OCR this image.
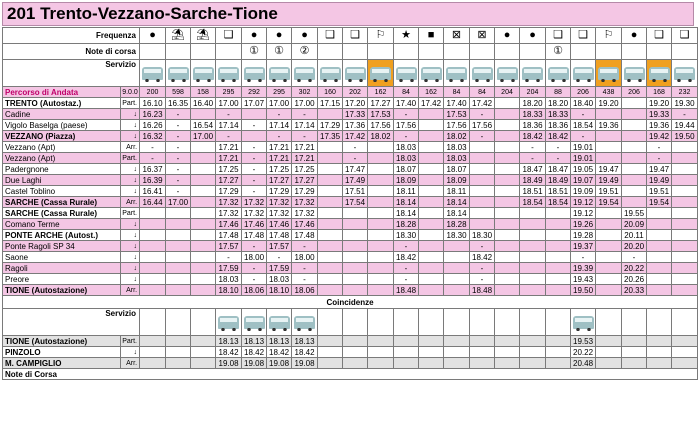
201 Trento-Vezzano-Sarche-Tione
Frequenza		●	⛱	⛱	❑	●	●	●	❑	❑	⚐	★	■	⊠	⊠	●	●	❑	❑	⚐	●	❑	❑
Note di corsa						①	①	②										①					
Servizio																							
Percorso di Andata	9.0.0	200	598	158	295	292	295	302	160	202	162	84	162	84	84	204	204	88	206	438	206	168	232
TRENTO (Autostaz.)	Part.	16.10	16.35	16.40	17.00	17.07	17.00	17.00	17.15	17.20	17.27	17.40	17.42	17.40	17.42		18.20	18.20	18.40	19.20		19.20	19.30
Cadine	↓	16.23	-		-		-	-		17.33	17.53	-		17.53	-		18.33	18.33	-			19.33	-
Vigolo Baselga (paese)	↓	16.26	-	16.54	17.14	-	17.14	17.14	17.29	17.36	17.56	17.56		17.56	17.56		18.36	18.36	18.54	19.36		19.36	19.44
VEZZANO (Piazza)	↓	16.32	-	17.00	-		-	-	17.35	17.42	18.02	-		18.02	-		18.42	18.42	-			19.42	19.50
Vezzano (Apt)	Arr.	-	-		17.21	-	17.21	17.21		-		18.03		18.03			-	-	19.01			-	
Vezzano (Apt)	Part.	-	-		17.21	-	17.21	17.21		-		18.03		18.03			-	-	19.01			-	
Padergnone	↓	16.37	-		17.25	-	17.25	17.25		17.47		18.07		18.07			18.47	18.47	19.05	19.47		19.47	
Due Laghi	↓	16.39	-		17.27	-	17.27	17.27		17.49		18.09		18.09			18.49	18.49	19.07	19.49		19.49	
Castel Toblino	↓	16.41	-		17.29	-	17.29	17.29		17.51		18.11		18.11			18.51	18.51	19.09	19.51		19.51	
SARCHE (Cassa Rurale)	Arr.	16.44	17.00		17.32	17.32	17.32	17.32		17.54		18.14		18.14			18.54	18.54	19.12	19.54		19.54	
SARCHE (Cassa Rurale)	Part.				17.32	17.32	17.32	17.32				18.14		18.14					19.12		19.55		
Comano Terme	↓				17.46	17.46	17.46	17.46				18.28		18.28					19.26		20.09		
PONTE ARCHE (Autost.)	↓				17.48	17.48	17.48	17.48				18.30		18.30	18.30				19.28		20.11		
Ponte Ragoli SP 34	↓				17.57	-	17.57	-				-			-				19.37		20.20		
Saone	↓				-	18.00	-	18.00				18.42			18.42				-		-		
Ragoli	↓				17.59	-	17.59	-				-			-				19.39		20.22		
Preore	↓				18.03	-	18.03	-				-			-				19.43		20.26		
TIONE (Autostazione)	Arr.				18.10	18.06	18.10	18.06				18.48			18.48				19.50		20.33		
Coincidenze																							
Servizio																							
TIONE (Autostazione)	Part.				18.13	18.13	18.13	18.13											19.53				
PINZOLO	↓				18.42	18.42	18.42	18.42											20.22				
M. CAMPIGLIO	Arr.				19.08	19.08	19.08	19.08											20.48				
Note di Corsa																							
